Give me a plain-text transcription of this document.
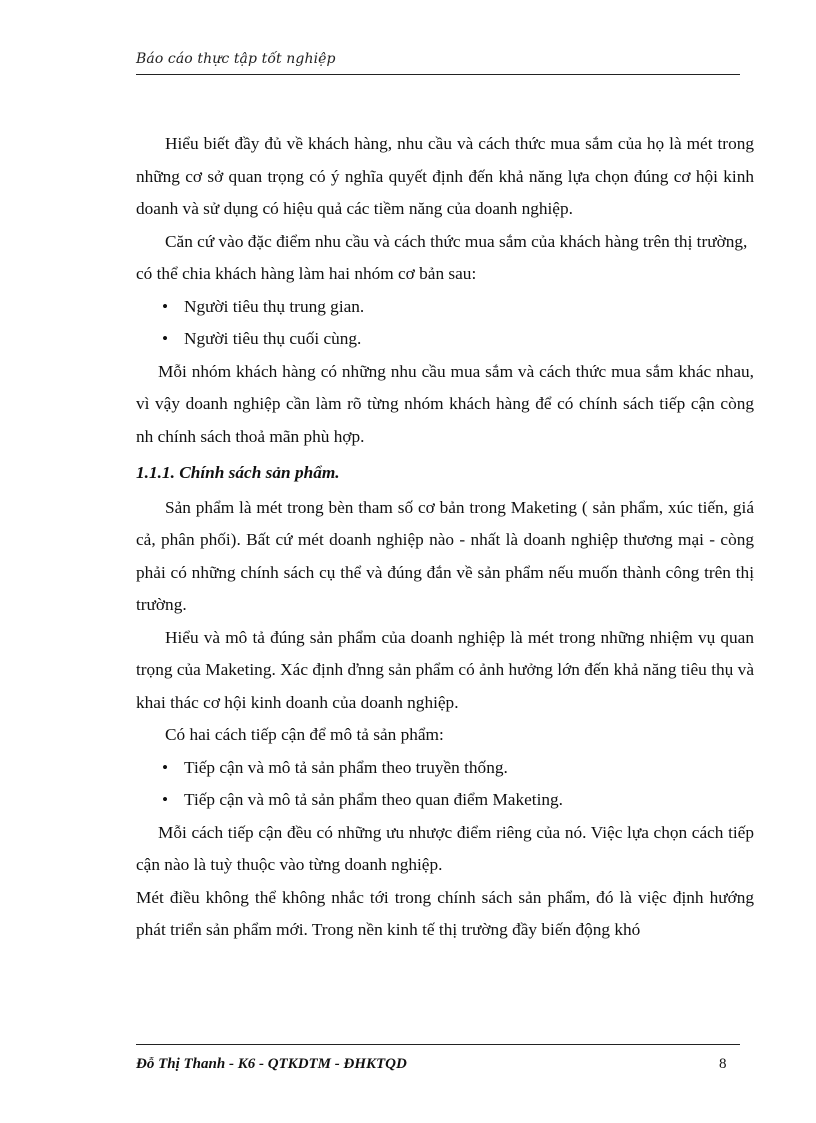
Báo cáo thực tập tốt nghiệp

Hiểu biết đầy đủ về khách hàng, nhu cầu và cách thức mua sắm của họ là mét trong những cơ sở quan trọng có ý nghĩa quyết định đến khả năng lựa chọn đúng cơ hội kinh doanh và sử dụng có hiệu quả các tiềm năng của doanh nghiệp.

Căn cứ vào đặc điểm nhu cầu và cách thức mua sắm của khách hàng trên thị trường, có thể chia khách hàng làm hai nhóm cơ bản sau:

• Người tiêu thụ trung gian.

• Người tiêu thụ cuối cùng.

Mỗi nhóm khách hàng có những nhu cầu mua sắm và cách thức mua sắm khác nhau, vì vậy doanh nghiệp cần làm rõ từng nhóm khách hàng để có chính sách tiếp cận còng nh chính sách thoả mãn phù hợp.

1.1.1. Chính sách sản phẩm.

Sản phẩm là mét trong bèn tham số cơ bản trong Maketing ( sản phẩm, xúc tiến, giá cả, phân phối). Bất cứ mét doanh nghiệp nào - nhất là doanh nghiệp thương mại - còng phải có những chính sách cụ thể và đúng đắn về sản phẩm nếu muốn thành công trên thị trường.

Hiểu và mô tả đúng sản phẩm của doanh nghiệp là mét trong những nhiệm vụ quan trọng của Maketing. Xác định dŉng sản phẩm có ảnh hưởng lớn đến khả năng tiêu thụ và khai thác cơ hội kinh doanh của doanh nghiệp.

Có hai cách tiếp cận để mô tả sản phẩm:

• Tiếp cận và mô tả sản phẩm theo truyền thống.

• Tiếp cận và mô tả sản phẩm theo quan điểm Maketing.

Mỗi cách tiếp cận đều có những ưu nhược điểm riêng của nó. Việc lựa chọn cách tiếp cận nào là tuỳ thuộc vào từng doanh nghiệp.

Mét điều không thể không nhắc tới trong chính sách sản phẩm, đó là việc định hướng phát triển sản phẩm mới. Trong nền kinh tế thị trường đầy biến động khó

Đỗ Thị Thanh - K6 - QTKDTM - ĐHKTQD	8
